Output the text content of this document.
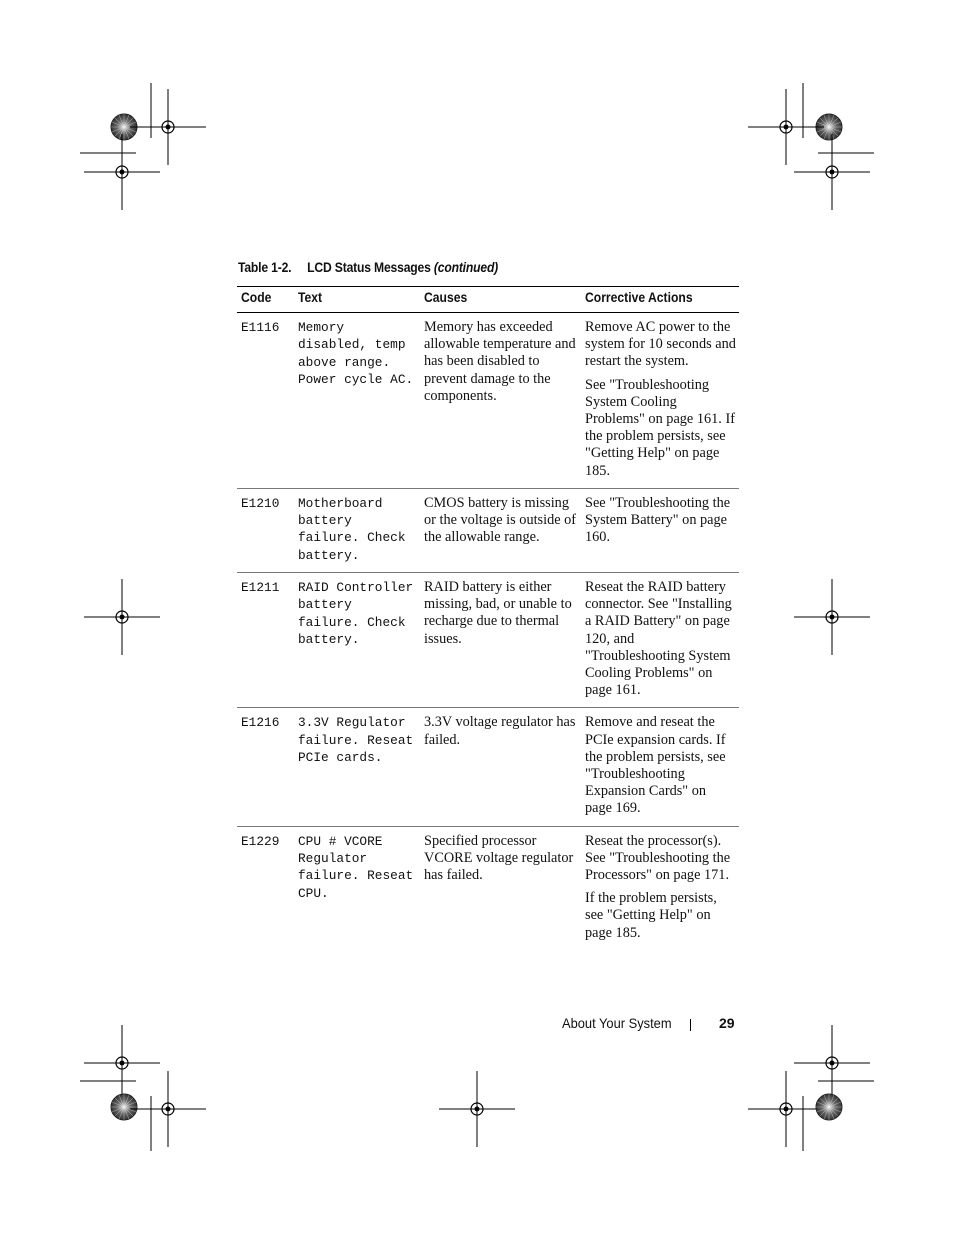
Table 1-2. LCD Status Messages (continued)
Code	Text	Causes	Corrective Actions
E1116	Memory disabled, temp above range. Power cycle AC.	Memory has exceeded allowable temperature and has been disabled to prevent damage to the components.	Remove AC power to the system for 10 seconds and restart the system.

See "Troubleshooting System Cooling Problems" on page 161. If the problem persists, see "Getting Help" on page 185.

E1210	Motherboard battery failure. Check battery.	CMOS battery is missing or the voltage is outside of the allowable range.	See "Troubleshooting the System Battery" on page 160.

E1211	RAID Controller battery failure. Check battery.	RAID battery is either missing, bad, or unable to recharge due to thermal issues.	Reseat the RAID battery connector. See "Installing a RAID Battery" on page 120, and "Troubleshooting System Cooling Problems" on page 161.

E1216	3.3V Regulator failure. Reseat PCIe cards.	3.3V voltage regulator has failed.	Remove and reseat the PCIe expansion cards. If the problem persists, see "Troubleshooting Expansion Cards" on page 169.

E1229	CPU # VCORE Regulator failure. Reseat CPU.	Specified processor VCORE voltage regulator has failed.	Reseat the processor(s). See "Troubleshooting the Processors" on page 171.

If the problem persists, see "Getting Help" on page 185.

About Your System	29
